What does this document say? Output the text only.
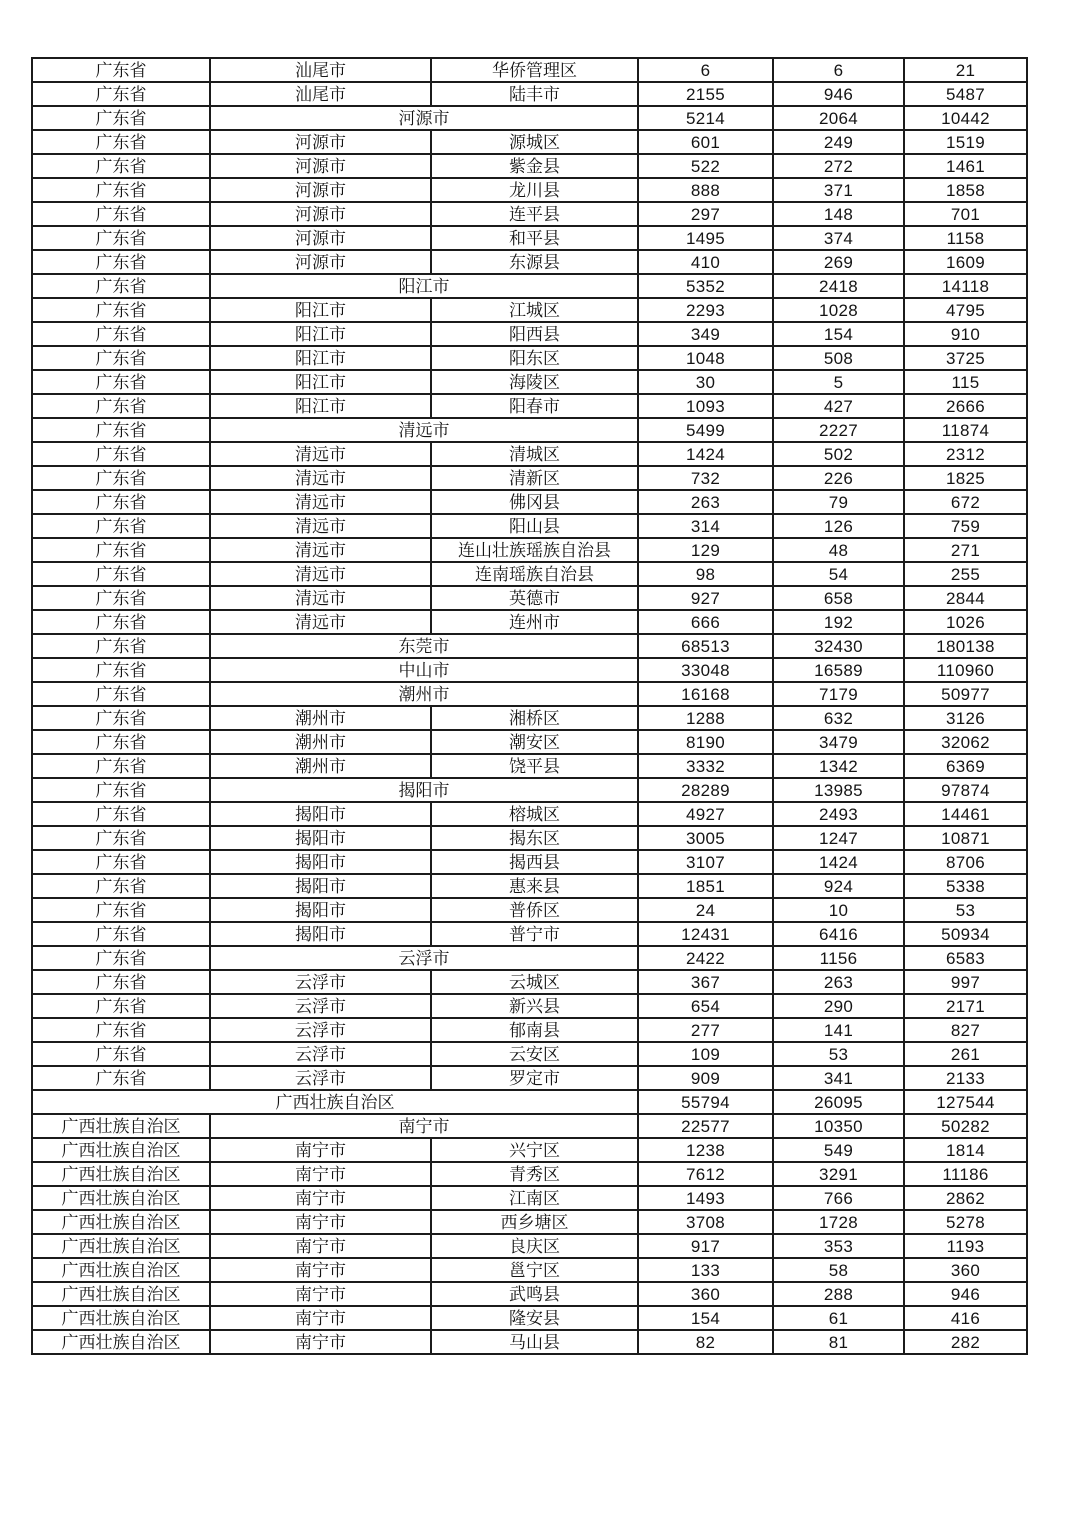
广东省	汕尾市	华侨管理区	6	6	21
广东省	汕尾市	陆丰市	2155	946	5487
广东省	河源市		5214	2064	10442
广东省	河源市	源城区	601	249	1519
广东省	河源市	紫金县	522	272	1461
广东省	河源市	龙川县	888	371	1858
广东省	河源市	连平县	297	148	701
广东省	河源市	和平县	1495	374	1158
广东省	河源市	东源县	410	269	1609
广东省	阳江市		5352	2418	14118
广东省	阳江市	江城区	2293	1028	4795
广东省	阳江市	阳西县	349	154	910
广东省	阳江市	阳东区	1048	508	3725
广东省	阳江市	海陵区	30	5	115
广东省	阳江市	阳春市	1093	427	2666
广东省	清远市		5499	2227	11874
广东省	清远市	清城区	1424	502	2312
广东省	清远市	清新区	732	226	1825
广东省	清远市	佛冈县	263	79	672
广东省	清远市	阳山县	314	126	759
广东省	清远市	连山壮族瑶族自治县	129	48	271
广东省	清远市	连南瑶族自治县	98	54	255
广东省	清远市	英德市	927	658	2844
广东省	清远市	连州市	666	192	1026
广东省	东莞市		68513	32430	180138
广东省	中山市		33048	16589	110960
广东省	潮州市		16168	7179	50977
广东省	潮州市	湘桥区	1288	632	3126
广东省	潮州市	潮安区	8190	3479	32062
广东省	潮州市	饶平县	3332	1342	6369
广东省	揭阳市		28289	13985	97874
广东省	揭阳市	榕城区	4927	2493	14461
广东省	揭阳市	揭东区	3005	1247	10871
广东省	揭阳市	揭西县	3107	1424	8706
广东省	揭阳市	惠来县	1851	924	5338
广东省	揭阳市	普侨区	24	10	53
广东省	揭阳市	普宁市	12431	6416	50934
广东省	云浮市		2422	1156	6583
广东省	云浮市	云城区	367	263	997
广东省	云浮市	新兴县	654	290	2171
广东省	云浮市	郁南县	277	141	827
广东省	云浮市	云安区	109	53	261
广东省	云浮市	罗定市	909	341	2133
广西壮族自治区			55794	26095	127544
广西壮族自治区	南宁市		22577	10350	50282
广西壮族自治区	南宁市	兴宁区	1238	549	1814
广西壮族自治区	南宁市	青秀区	7612	3291	11186
广西壮族自治区	南宁市	江南区	1493	766	2862
广西壮族自治区	南宁市	西乡塘区	3708	1728	5278
广西壮族自治区	南宁市	良庆区	917	353	1193
广西壮族自治区	南宁市	邕宁区	133	58	360
广西壮族自治区	南宁市	武鸣县	360	288	946
广西壮族自治区	南宁市	隆安县	154	61	416
广西壮族自治区	南宁市	马山县	82	81	282
